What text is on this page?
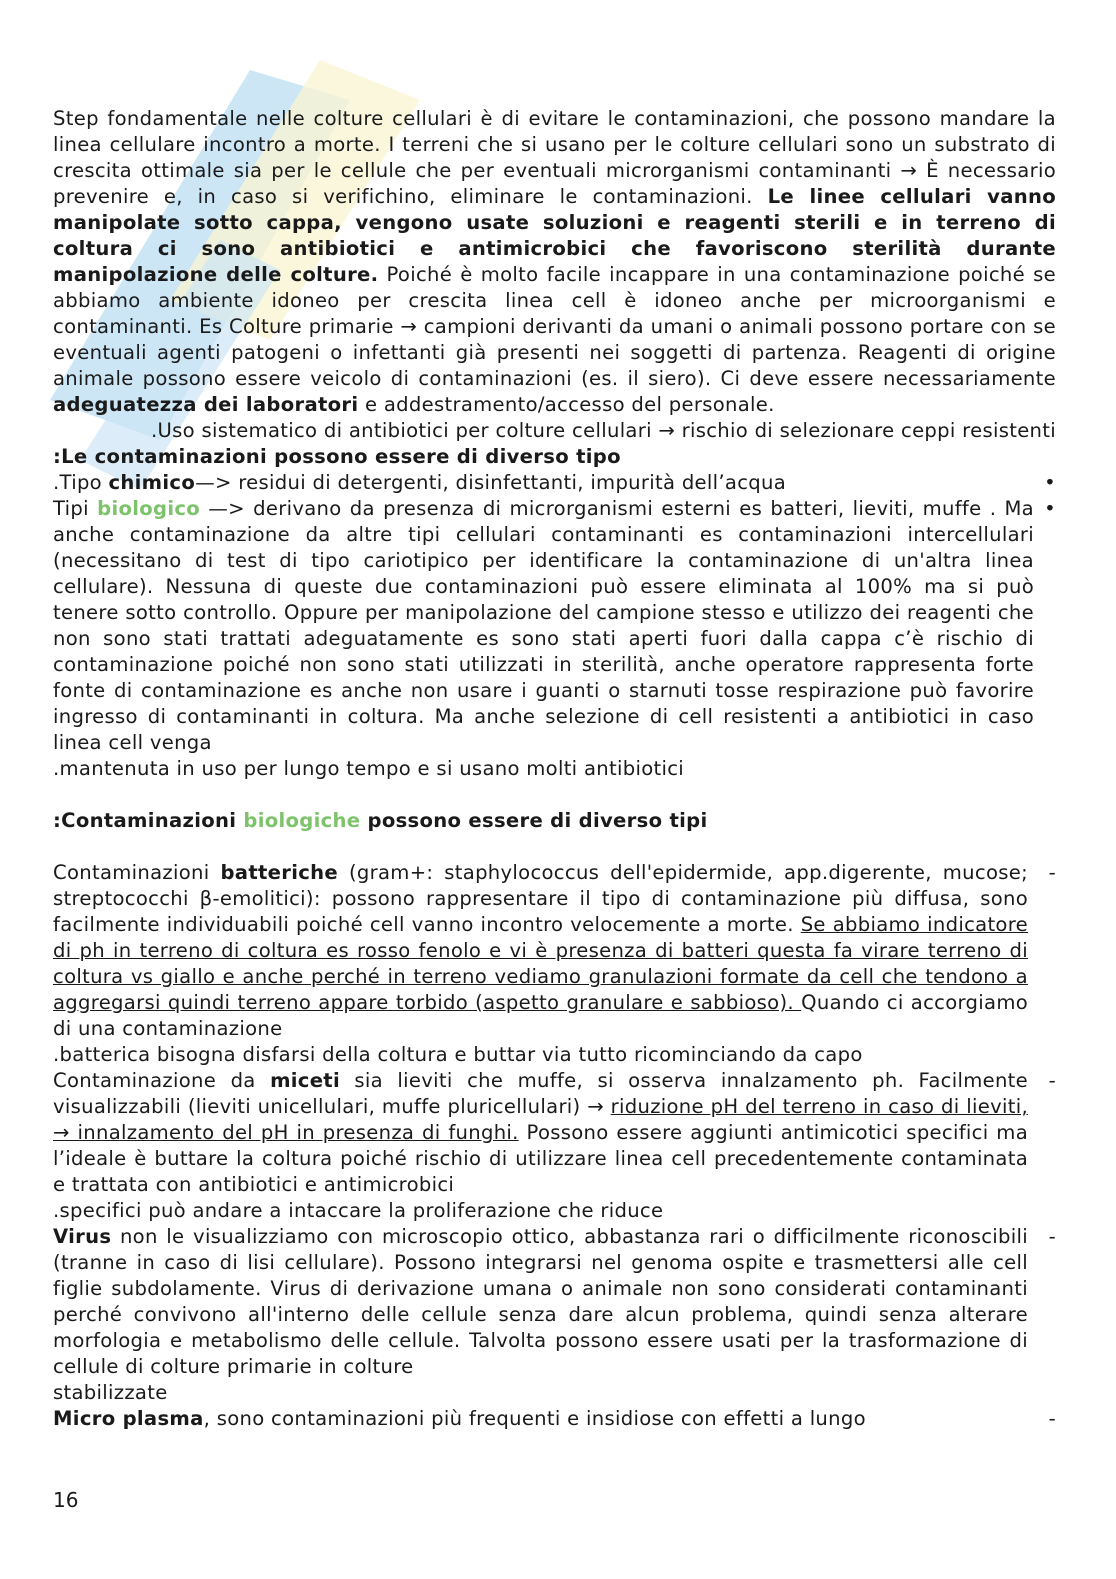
Step fondamentale nelle colture cellulari è di evitare le contaminazioni, che possono mandare la linea cellulare incontro a morte. I terreni che si usano per le colture cellulari sono un substrato di crescita ottimale sia per le cellule che per eventuali microrganismi contaminanti → È necessario prevenire e, in caso si verifichino, eliminare le contaminazioni. Le linee cellulari vanno manipolate sotto cappa, vengono usate soluzioni e reagenti sterili e in terreno di coltura ci sono antibiotici e antimicrobici che favoriscono sterilità durante manipolazione delle colture. Poiché è molto facile incappare in una contaminazione poiché se abbiamo ambiente idoneo per crescita linea cell è idoneo anche per microorganismi e contaminanti. Es Colture primarie → campioni derivanti da umani o animali possono portare con se eventuali agenti patogeni o infettanti già presenti nei soggetti di partenza. Reagenti di origine animale possono essere veicolo di contaminazioni (es. il siero). Ci deve essere necessariamente adeguatezza dei laboratori e addestramento/accesso del personale.

.Uso sistematico di antibiotici per colture cellulari → rischio di selezionare ceppi resistenti

:Le contaminazioni possono essere di diverso tipo

.Tipo chimico—> residui di detergenti, disinfettanti, impurità dell’acqua	•

Tipi biologico —> derivano da presenza di microrganismi esterni es batteri, lieviti, muffe . Ma anche contaminazione da altre tipi cellulari contaminanti es contaminazioni intercellulari (necessitano di test di tipo cariotipico per identificare la contaminazione di un'altra linea cellulare). Nessuna di queste due contaminazioni può essere eliminata al 100% ma si può tenere sotto controllo. Oppure per manipolazione del campione stesso e utilizzo dei reagenti che non sono stati trattati adeguatamente es sono stati aperti fuori dalla cappa c’è rischio di contaminazione poiché non sono stati utilizzati in sterilità, anche operatore rappresenta forte fonte di contaminazione es anche non usare i guanti o starnuti tosse respirazione può favorire ingresso di contaminanti in coltura. Ma anche selezione di cell resistenti a antibiotici in caso linea cell venga

.mantenuta in uso per lungo tempo e si usano molti antibiotici

•

:Contaminazioni biologiche possono essere di diverso tipi

Contaminazioni batteriche (gram+: staphylococcus dell'epidermide, app.digerente, mucose; streptococchi β-emolitici): possono rappresentare il tipo di contaminazione più diffusa, sono facilmente individuabili poiché cell vanno incontro velocemente a morte. Se abbiamo indicatore di ph in terreno di coltura es rosso fenolo e vi è presenza di batteri questa fa virare terreno di coltura vs giallo e anche perché in terreno vediamo granulazioni formate da cell che tendono a aggregarsi quindi terreno appare torbido (aspetto granulare e sabbioso). Quando ci accorgiamo di una contaminazione

.batterica bisogna disfarsi della coltura e buttar via tutto ricominciando da capo

-

Contaminazione da miceti sia lieviti che muffe, si osserva innalzamento ph. Facilmente visualizzabili (lieviti unicellulari, muffe pluricellulari) → riduzione pH del terreno in caso di lieviti, → innalzamento del pH in presenza di funghi. Possono essere aggiunti antimicotici specifici ma l’ideale è buttare la coltura poiché rischio di utilizzare linea cell precedentemente contaminata e trattata con antibiotici e antimicrobici

.specifici può andare a intaccare la proliferazione che riduce

-

Virus non le visualizziamo con microscopio ottico, abbastanza rari o difficilmente riconoscibili (tranne in caso di lisi cellulare). Possono integrarsi nel genoma ospite e trasmettersi alle cell figlie subdolamente. Virus di derivazione umana o animale non sono considerati contaminanti perché convivono all'interno delle cellule senza dare alcun problema, quindi senza alterare morfologia e metabolismo delle cellule. Talvolta possono essere usati per la trasformazione di cellule di colture primarie in colture

stabilizzate

-

Micro plasma, sono contaminazioni più frequenti e insidiose con effetti a lungo	-
16
